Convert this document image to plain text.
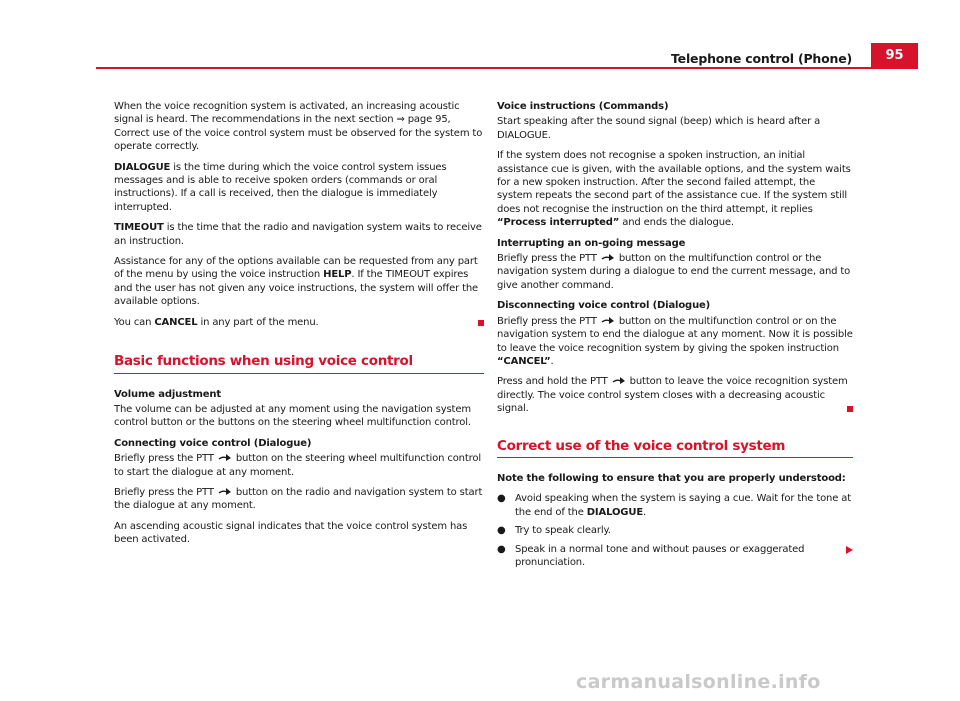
Telephone control (Phone)	95

When the voice recognition system is activated, an increasing acoustic signal is heard. The recommendations in the next section ⇒ page 95, Correct use of the voice control system must be observed for the system to operate correctly.

DIALOGUE is the time during which the voice control system issues messages and is able to receive spoken orders (commands or oral instructions). If a call is received, then the dialogue is immediately interrupted.

TIMEOUT is the time that the radio and navigation system waits to receive an instruction.

Assistance for any of the options available can be requested from any part of the menu by using the voice instruction HELP. If the TIMEOUT expires and the user has not given any voice instructions, the system will offer the available options.

You can CANCEL in any part of the menu.

Basic functions when using voice control

Volume adjustment

The volume can be adjusted at any moment using the navigation system control button or the buttons on the steering wheel multifunction control.

Connecting voice control (Dialogue)

Briefly press the PTT  button on the steering wheel multifunction control to start the dialogue at any moment.

Briefly press the PTT  button on the radio and navigation system to start the dialogue at any moment.

An ascending acoustic signal indicates that the voice control system has been activated.

Voice instructions (Commands)

Start speaking after the sound signal (beep) which is heard after a DIALOGUE.

If the system does not recognise a spoken instruction, an initial assistance cue is given, with the available options, and the system waits for a new spoken instruction. After the second failed attempt, the system repeats the second part of the assistance cue. If the system still does not recognise the instruction on the third attempt, it replies “Process interrupted” and ends the dialogue.

Interrupting an on-going message

Briefly press the PTT  button on the multifunction control or the navigation system during a dialogue to end the current message, and to give another command.

Disconnecting voice control (Dialogue)

Briefly press the PTT  button on the multifunction control or on the navigation system to end the dialogue at any moment. Now it is possible to leave the voice recognition system by giving the spoken instruction “CANCEL”.

Press and hold the PTT  button to leave the voice recognition system directly. The voice control system closes with a decreasing acoustic signal.

Correct use of the voice control system

Note the following to ensure that you are properly understood:

● Avoid speaking when the system is saying a cue. Wait for the tone at the end of the DIALOGUE.
● Try to speak clearly.
● Speak in a normal tone and without pauses or exaggerated pronunciation.
carmanualsonline.info
